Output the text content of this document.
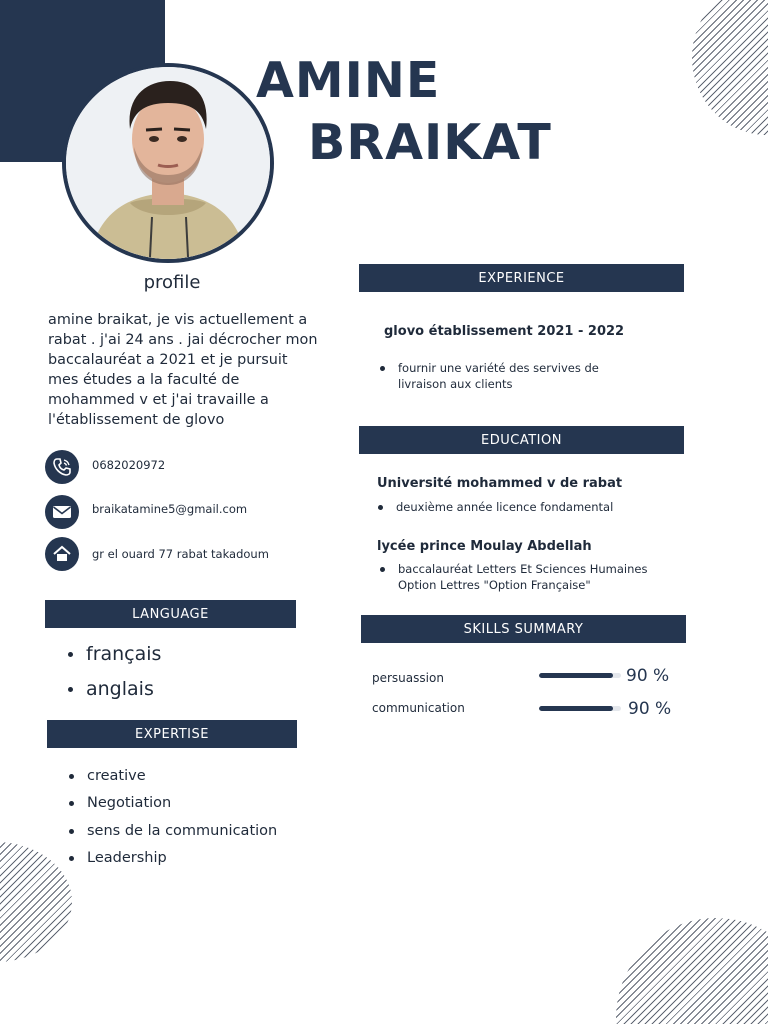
AMINE
BRAIKAT
profile
amine braikat, je vis actuellement a rabat . j'ai 24 ans . jai décrocher mon baccalauréat a 2021 et je pursuit mes études a la faculté de mohammed v et j'ai travaille a l'établissement de glovo
0682020972
braikatamine5@gmail.com
gr el ouard 77 rabat takadoum
LANGUAGE
français
anglais
EXPERTISE
creative
Negotiation
sens de la communication
Leadership
EXPERIENCE
glovo établissement 2021 - 2022
fournir une variété des servives de livraison aux clients
EDUCATION
Université mohammed v de rabat
deuxième année licence fondamental
lycée prince Moulay Abdellah
baccalauréat Letters Et Sciences Humaines Option Lettres "Option Française"
SKILLS SUMMARY
persuassion	90 %
communication	90 %
